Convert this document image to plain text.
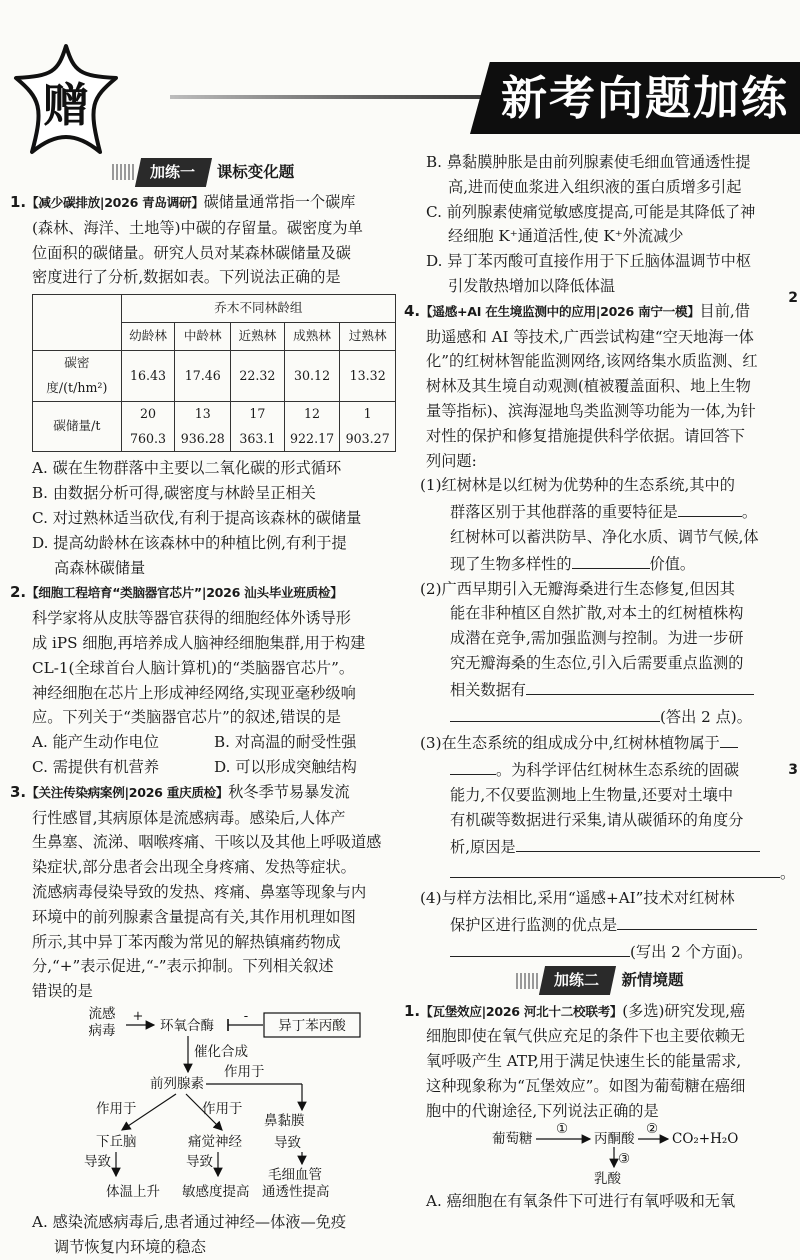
赠	新考向题加练
加练一	课标变化题
1.【减少碳排放|2026 青岛调研】碳储量通常指一个碳库
(森林、海洋、土地等)中碳的存留量。碳密度为单
位面积的碳储量。研究人员对某森林碳储量及碳
密度进行了分析,数据如表。下列说法正确的是
	乔木不同林龄组				
	幼龄林	中龄林	近熟林	成熟林	过熟林
碳密度/(t/hm²)	16.43	17.46	22.32	30.12	13.32
碳储量/t	20 760.3	13 936.28	17 363.1	12 922.17	1 903.27
A. 碳在生物群落中主要以二氧化碳的形式循环
B. 由数据分析可得,碳密度与林龄呈正相关
C. 对过熟林适当砍伐,有利于提高该森林的碳储量
D. 提高幼龄林在该森林中的种植比例,有利于提
高森林碳储量
2.【细胞工程培育“类脑器官芯片”|2026 汕头毕业班质检】
科学家将从皮肤等器官获得的细胞经体外诱导形
成 iPS 细胞,再培养成人脑神经细胞集群,用于构建
CL-1(全球首台人脑计算机)的“类脑器官芯片”。
神经细胞在芯片上形成神经网络,实现亚毫秒级响
应。下列关于“类脑器官芯片”的叙述,错误的是
A. 能产生动作电位	B. 对高温的耐受性强
C. 需提供有机营养	D. 可以形成突触结构
3.【关注传染病案例|2026 重庆质检】秋冬季节易暴发流
行性感冒,其病原体是流感病毒。感染后,人体产
生鼻塞、流涕、咽喉疼痛、干咳以及其他上呼吸道感
染症状,部分患者会出现全身疼痛、发热等症状。
流感病毒侵染导致的发热、疼痛、鼻塞等现象与内
环境中的前列腺素含量提高有关,其作用机理如图
所示,其中异丁苯丙酸为常见的解热镇痛药物成
分,“+”表示促进,“-”表示抑制。下列相关叙述
错误的是
流感
病毒
+
环氧合酶
-
异丁苯丙酸
催化合成
前列腺素
作用于
作用于	作用于
鼻黏膜
下丘脑	痛觉神经 导致
导致	导致
毛细血管
体温上升 敏感度提高 通透性提高
A. 感染流感病毒后,患者通过神经—体液—免疫
调节恢复内环境的稳态
B. 鼻黏膜肿胀是由前列腺素使毛细血管通透性提
高,进而使血浆进入组织液的蛋白质增多引起
C. 前列腺素使痛觉敏感度提高,可能是其降低了神
经细胞 K⁺通道活性,使 K⁺外流减少
D. 异丁苯丙酸可直接作用于下丘脑体温调节中枢
引发散热增加以降低体温
4.【遥感+AI 在生境监测中的应用|2026 南宁一模】目前,借
助遥感和 AI 等技术,广西尝试构建“空天地海一体
化”的红树林智能监测网络,该网络集水质监测、红
树林及其生境自动观测(植被覆盖面积、地上生物
量等指标)、滨海湿地鸟类监测等功能为一体,为针
对性的保护和修复措施提供科学依据。请回答下
列问题:
(1)红树林是以红树为优势种的生态系统,其中的
群落区别于其他群落的重要特征是	。
红树林可以蓄洪防旱、净化水质、调节气候,体
现了生物多样性的	价值。
(2)广西早期引入无瓣海桑进行生态修复,但因其
能在非种植区自然扩散,对本土的红树植株构
成潜在竞争,需加强监测与控制。为进一步研
究无瓣海桑的生态位,引入后需要重点监测的
相关数据有
(答出 2 点)。
(3)在生态系统的组成成分中,红树林植物属于
。为科学评估红树林生态系统的固碳
能力,不仅要监测地上生物量,还要对土壤中
有机碳等数据进行采集,请从碳循环的角度分
析,原因是
。
(4)与样方法相比,采用“遥感+AI”技术对红树林
保护区进行监测的优点是
(写出 2 个方面)。
加练二	新情境题
1.【瓦堡效应|2026 河北十二校联考】(多选)研究发现,癌
细胞即使在氧气供应充足的条件下也主要依赖无
氧呼吸产生 ATP,用于满足快速生长的能量需求,
这种现象称为“瓦堡效应”。如图为葡萄糖在癌细
胞中的代谢途径,下列说法正确的是
葡萄糖
①
丙酮酸
②
CO₂+H₂O
③
乳酸
A. 癌细胞在有氧条件下可进行有氧呼吸和无氧
2
3
